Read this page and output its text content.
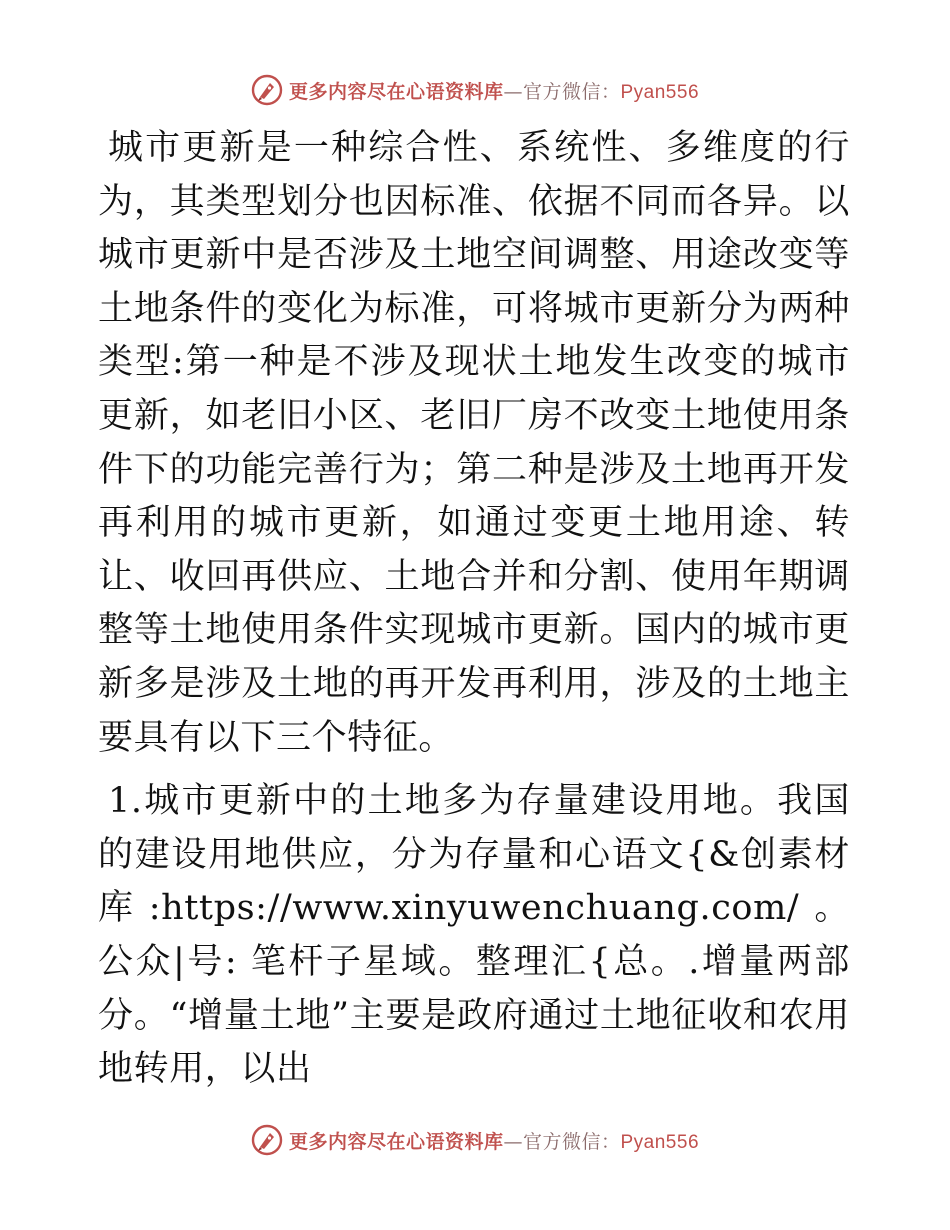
更多内容尽在心语资料库—官方微信：Pyan556

城市更新是一种综合性、系统性、多维度的行为，其类型划分也因标准、依据不同而各异。以城市更新中是否涉及土地空间调整、用途改变等土地条件的变化为标准，可将城市更新分为两种类型:第一种是不涉及现状土地发生改变的城市更新，如老旧小区、老旧厂房不改变土地使用条件下的功能完善行为；第二种是涉及土地再开发再利用的城市更新，如通过变更土地用途、转让、收回再供应、土地合并和分割、使用年期调整等土地使用条件实现城市更新。国内的城市更新多是涉及土地的再开发再利用，涉及的土地主要具有以下三个特征。

1.城市更新中的土地多为存量建设用地。我国的建设用地供应，分为存量和心语文{&创素材库:https://www.xinyuwenchuang.com/。公众|号: 笔杆子星域。整理汇{总。.增量两部分。“增量土地”主要是政府通过土地征收和农用地转用，以出

更多内容尽在心语资料库—官方微信：Pyan556
